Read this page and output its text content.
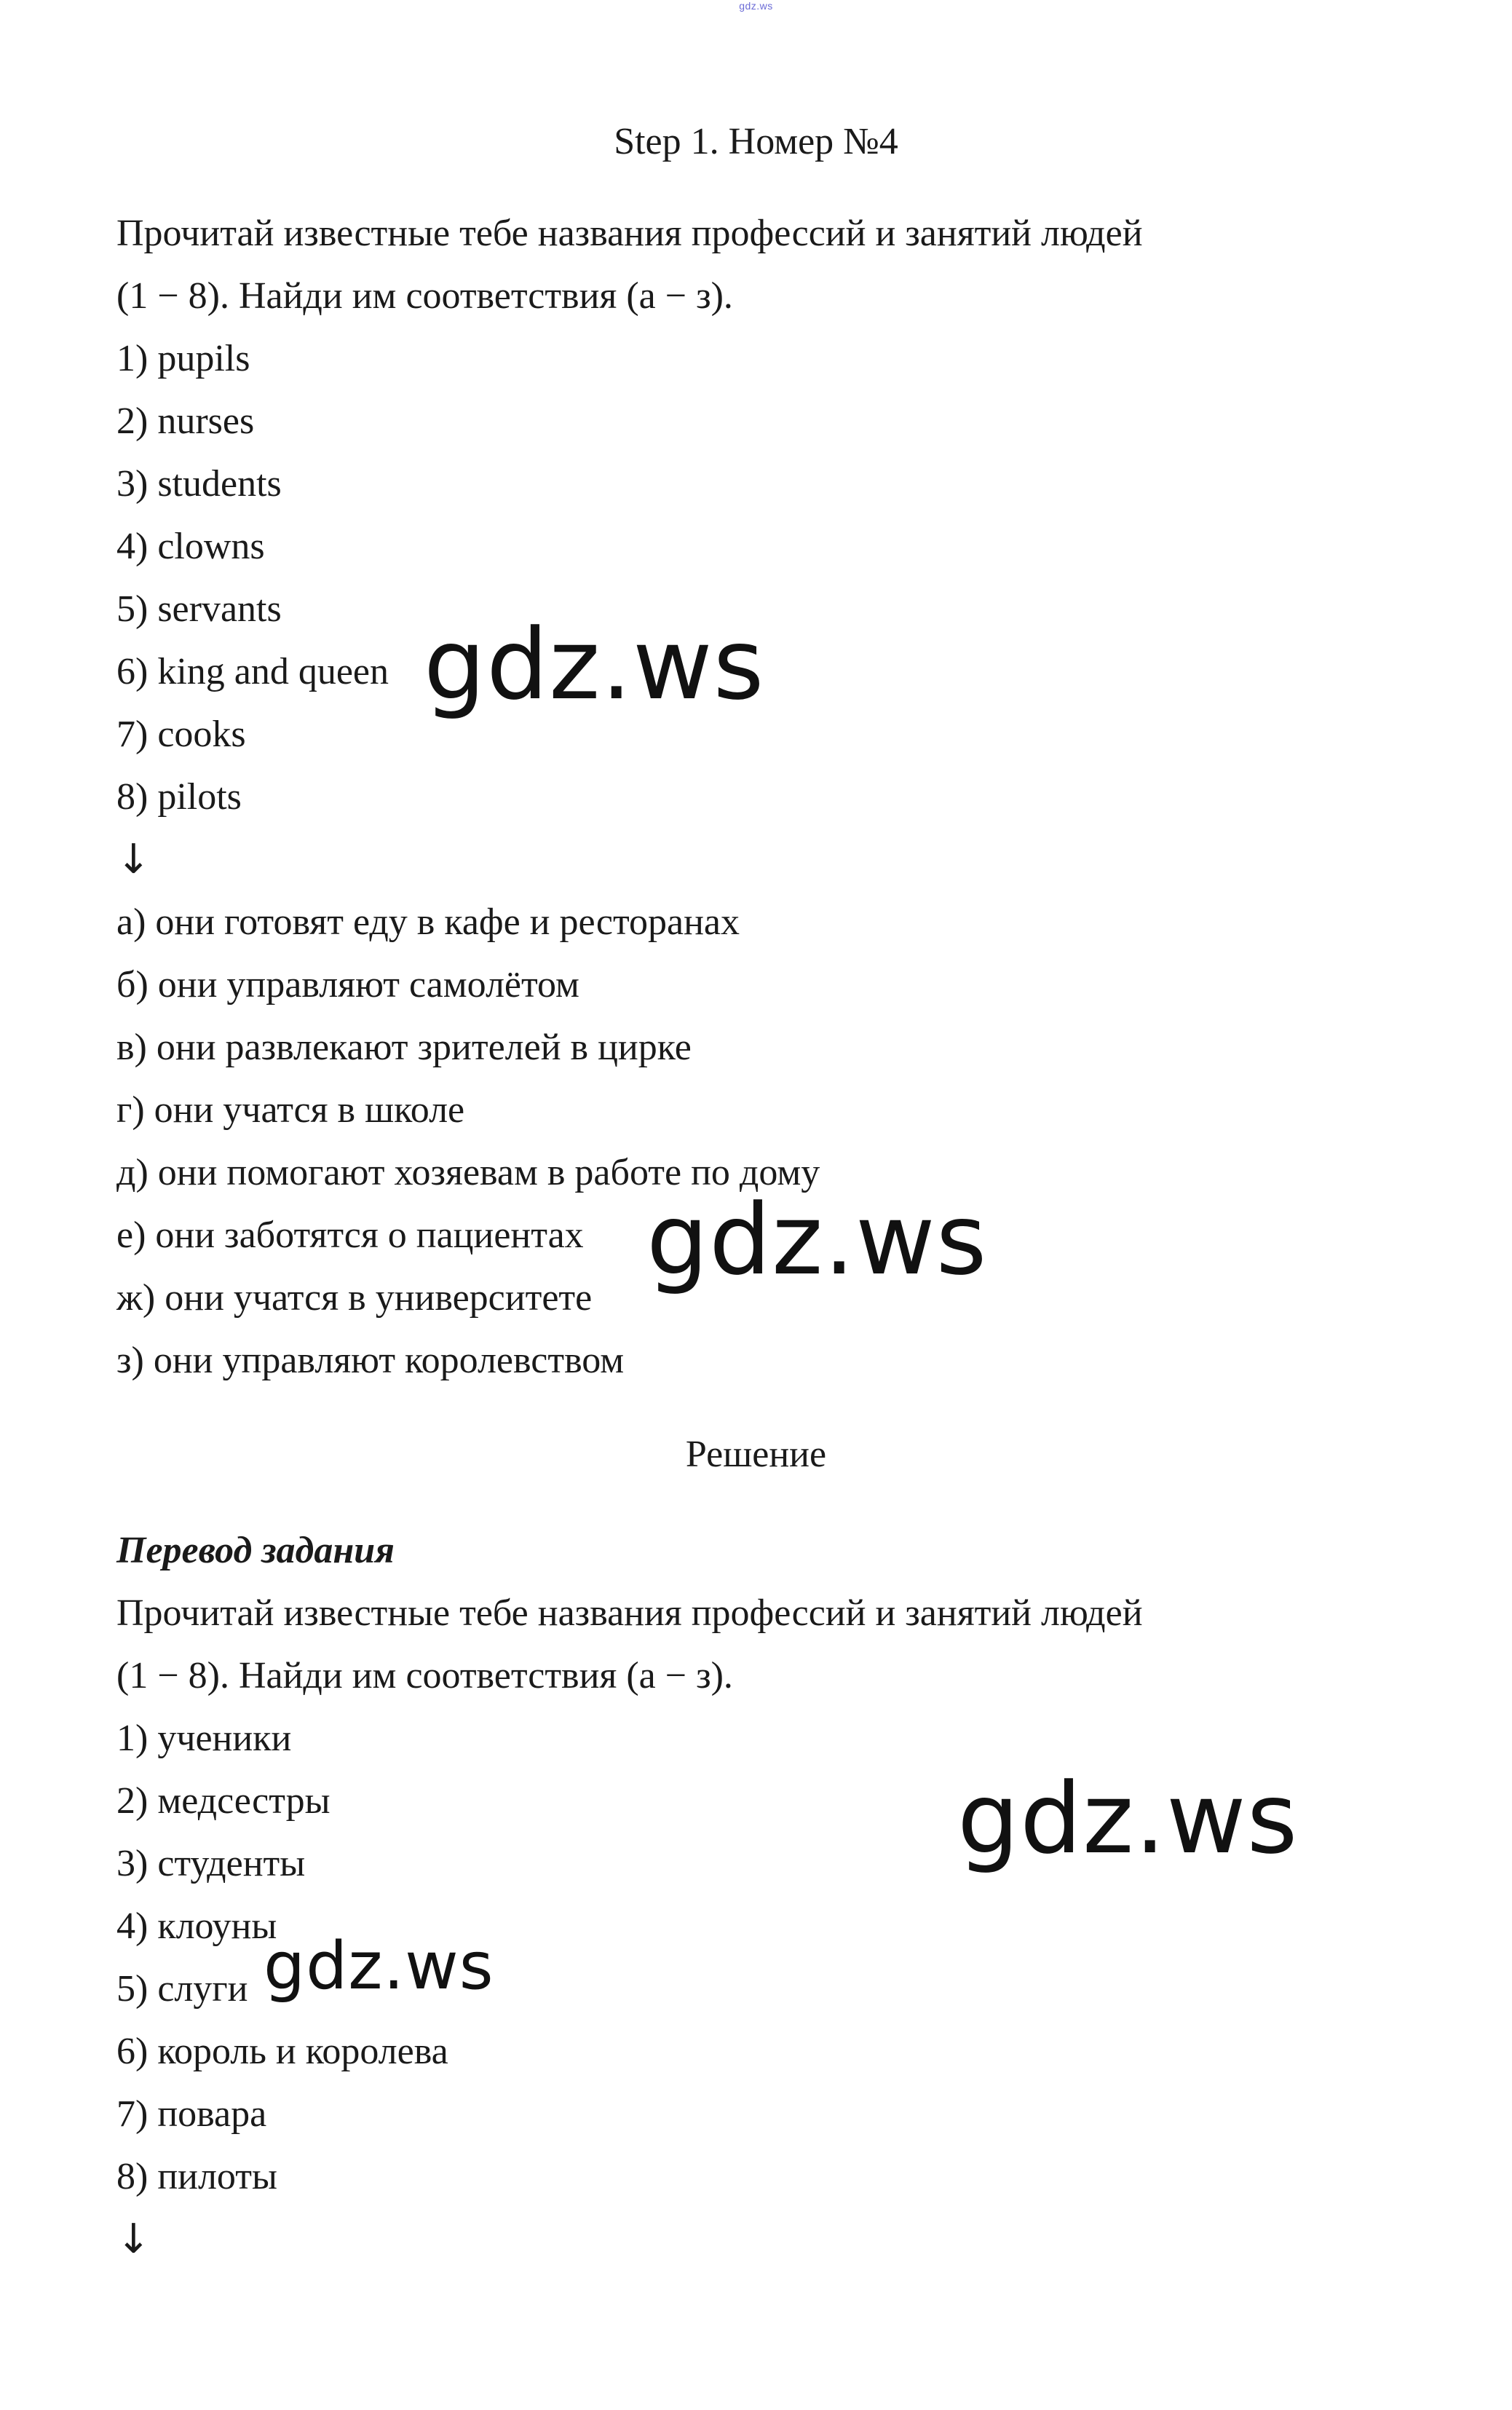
gdz.ws
Step 1. Номер №4
Прочитай известные тебе названия профессий и занятий людей
(1 − 8). Найди им соответствия (а − з).
1) pupils
2) nurses
3) students
4) clowns
5) servants
6) king and queen
7) cooks
8) pilots
↓
а) они готовят еду в кафе и ресторанах
б) они управляют самолётом
в) они развлекают зрителей в цирке
г) они учатся в школе
д) они помогают хозяевам в работе по дому
е) они заботятся о пациентах
ж) они учатся в университете
з) они управляют королевством
Решение
Перевод задания
Прочитай известные тебе названия профессий и занятий людей
(1 − 8). Найди им соответствия (а − з).
1) ученики
2) медсестры
3) студенты
4) клоуны
5) слуги
6) король и королева
7) повара
8) пилоты
↓
gdz.ws
gdz.ws
gdz.ws
gdz.ws
